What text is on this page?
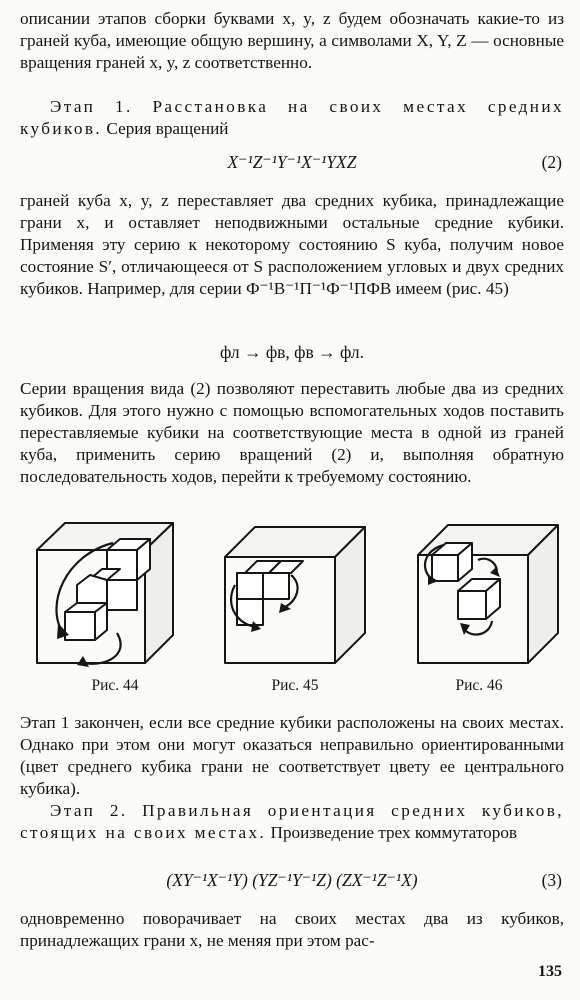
описании этапов сборки буквами x, y, z будем обозначать какие-то из граней куба, имеющие общую вершину, а символами X, Y, Z — основные вращения граней x, y, z соответственно.

Этап 1. Расстановка на своих местах средних кубиков. Серия вращений

X⁻¹Z⁻¹Y⁻¹X⁻¹YXZ	(2)

граней куба x, y, z переставляет два средних кубика, принадлежащие грани x, и оставляет неподвижными остальные средние кубики. Применяя эту серию к некоторому состоянию S куба, получим новое состояние S′, отличающееся от S расположением угловых и двух средних кубиков. Например, для серии Ф⁻¹В⁻¹П⁻¹Ф⁻¹ПФВ имеем (рис. 45)

фл → фв, фв → фл.

Серии вращения вида (2) позволяют переставить любые два из средних кубиков. Для этого нужно с помощью вспомогательных ходов поставить переставляемые кубики на соответствующие места в одной из граней куба, применить серию вращений (2) и, выполняя обратную последовательность ходов, перейти к требуемому состоянию.

Рис. 44	Рис. 45	Рис. 46

Этап 1 закончен, если все средние кубики расположены на своих местах. Однако при этом они могут оказаться неправильно ориентированными (цвет среднего кубика грани не соответствует цвету ее центрального кубика).

Этап 2. Правильная ориентация средних кубиков, стоящих на своих местах. Произведение трех коммутаторов

(XY⁻¹X⁻¹Y) (YZ⁻¹Y⁻¹Z) (ZX⁻¹Z⁻¹X)	(3)

одновременно поворачивает на своих местах два из кубиков, принадлежащих грани x, не меняя при этом рас-

135
